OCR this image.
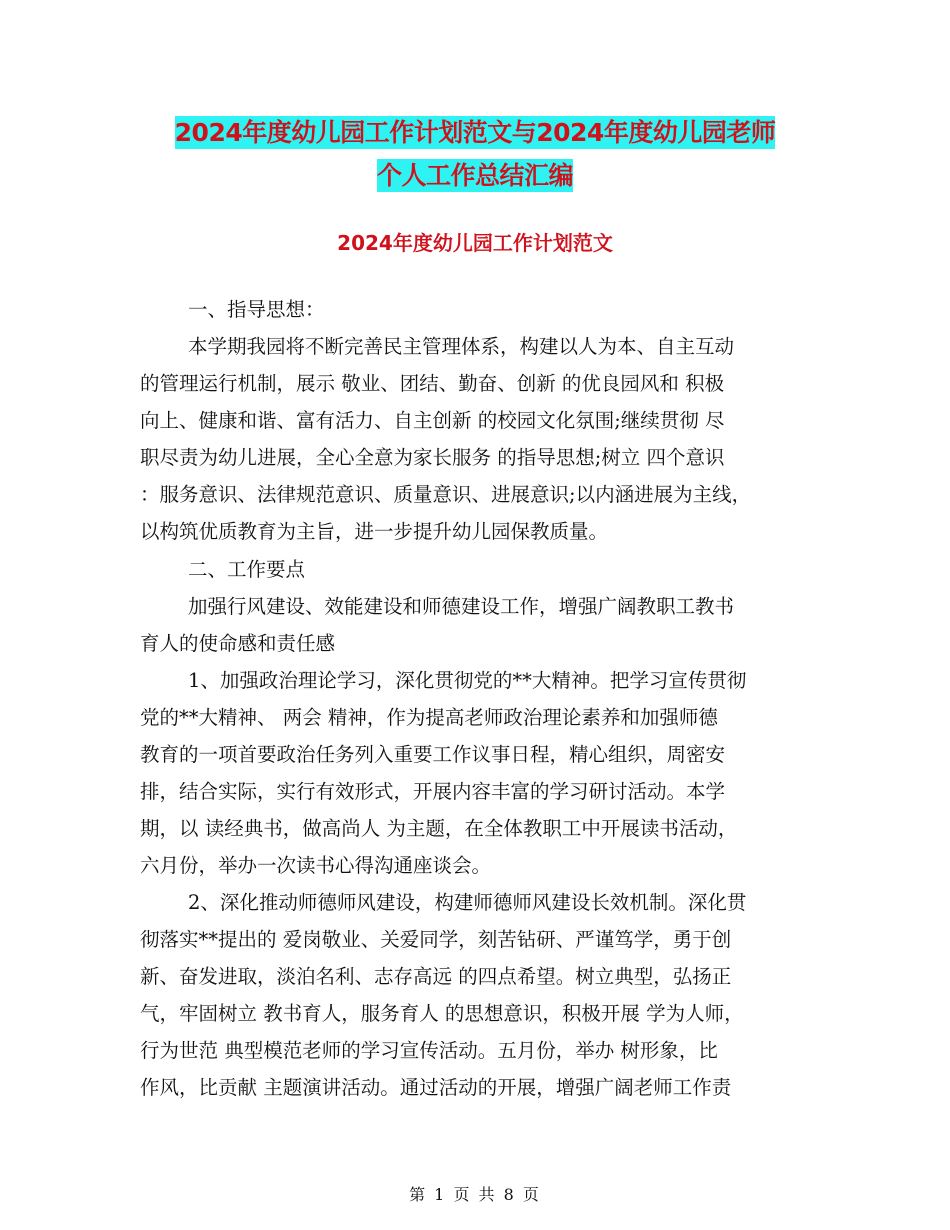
2024年度幼儿园工作计划范文与2024年度幼儿园老师
个人工作总结汇编
2024年度幼儿园工作计划范文
一、指导思想：
本学期我园将不断完善民主管理体系，构建以人为本、自主互动
的管理运行机制，展示 敬业、团结、勤奋、创新 的优良园风和 积极
向上、健康和谐、富有活力、自主创新 的校园文化氛围;继续贯彻 尽
职尽责为幼儿进展，全心全意为家长服务 的指导思想;树立 四个意识
：服务意识、法律规范意识、质量意识、进展意识;以内涵进展为主线，
以构筑优质教育为主旨，进一步提升幼儿园保教质量。
二、工作要点
加强行风建设、效能建设和师德建设工作，增强广阔教职工教书
育人的使命感和责任感
1、加强政治理论学习，深化贯彻党的**大精神。把学习宣传贯彻
党的**大精神、 两会 精神，作为提高老师政治理论素养和加强师德
教育的一项首要政治任务列入重要工作议事日程，精心组织，周密安
排，结合实际，实行有效形式，开展内容丰富的学习研讨活动。本学
期，以 读经典书，做高尚人 为主题，在全体教职工中开展读书活动，
六月份，举办一次读书心得沟通座谈会。
2、深化推动师德师风建设，构建师德师风建设长效机制。深化贯
彻落实**提出的 爱岗敬业、关爱同学，刻苦钻研、严谨笃学，勇于创
新、奋发进取，淡泊名利、志存高远 的四点希望。树立典型，弘扬正
气，牢固树立 教书育人，服务育人 的思想意识，积极开展 学为人师，
行为世范 典型模范老师的学习宣传活动。五月份，举办 树形象，比
作风，比贡献 主题演讲活动。通过活动的开展，增强广阔老师工作责
第 1 页 共 8 页
